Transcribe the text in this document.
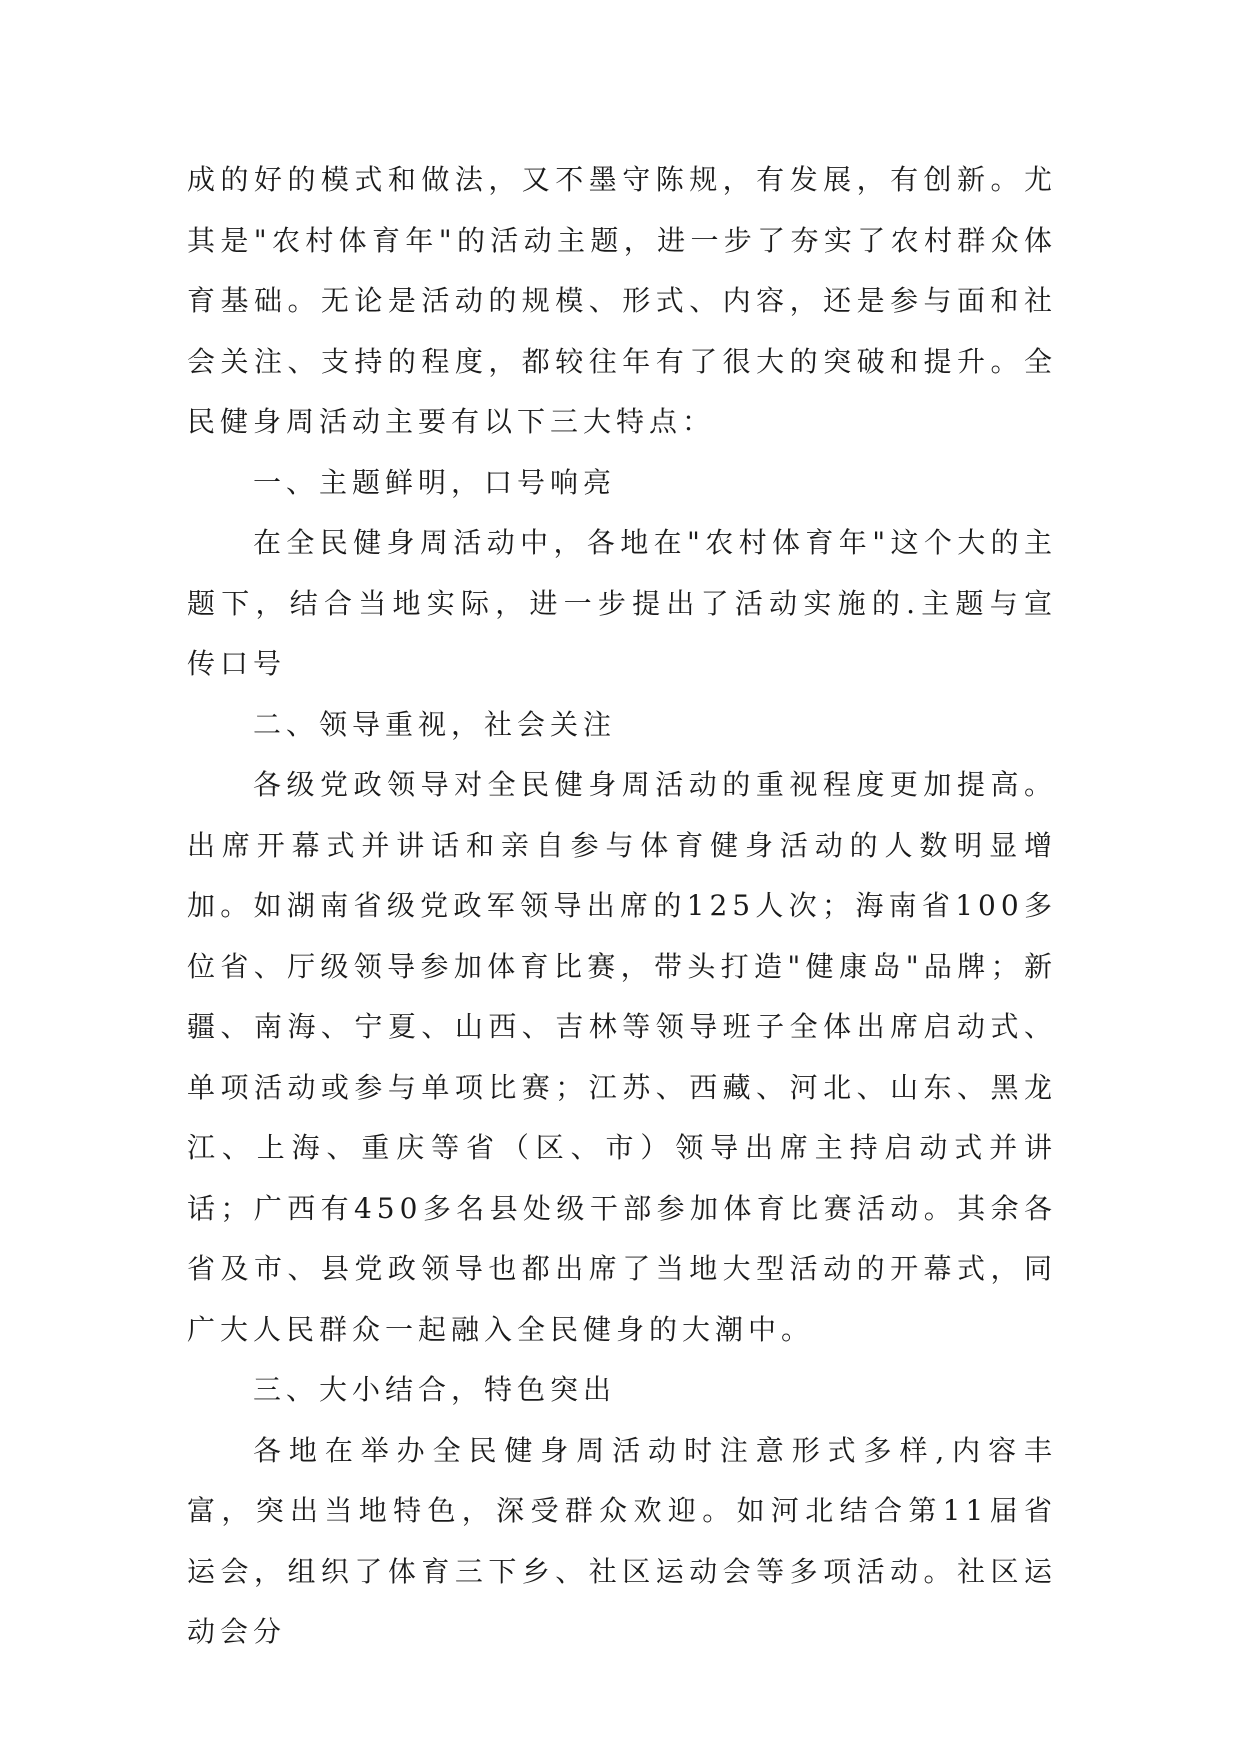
成的好的模式和做法，又不墨守陈规，有发展，有创新。尤其是"农村体育年"的活动主题，进一步了夯实了农村群众体育基础。无论是活动的规模、形式、内容，还是参与面和社会关注、支持的程度，都较往年有了很大的突破和提升。全民健身周活动主要有以下三大特点：

一、主题鲜明，口号响亮

在全民健身周活动中，各地在"农村体育年"这个大的主题下，结合当地实际，进一步提出了活动实施的.主题与宣传口号

二、领导重视，社会关注

各级党政领导对全民健身周活动的重视程度更加提高。出席开幕式并讲话和亲自参与体育健身活动的人数明显增加。如湖南省级党政军领导出席的125人次；海南省100多位省、厅级领导参加体育比赛，带头打造"健康岛"品牌；新疆、南海、宁夏、山西、吉林等领导班子全体出席启动式、单项活动或参与单项比赛；江苏、西藏、河北、山东、黑龙江、上海、重庆等省（区、市）领导出席主持启动式并讲话；广西有450多名县处级干部参加体育比赛活动。其余各省及市、县党政领导也都出席了当地大型活动的开幕式，同广大人民群众一起融入全民健身的大潮中。

三、大小结合，特色突出

各地在举办全民健身周活动时注意形式多样,内容丰富，突出当地特色，深受群众欢迎。如河北结合第11届省运会，组织了体育三下乡、社区运动会等多项活动。社区运动会分
